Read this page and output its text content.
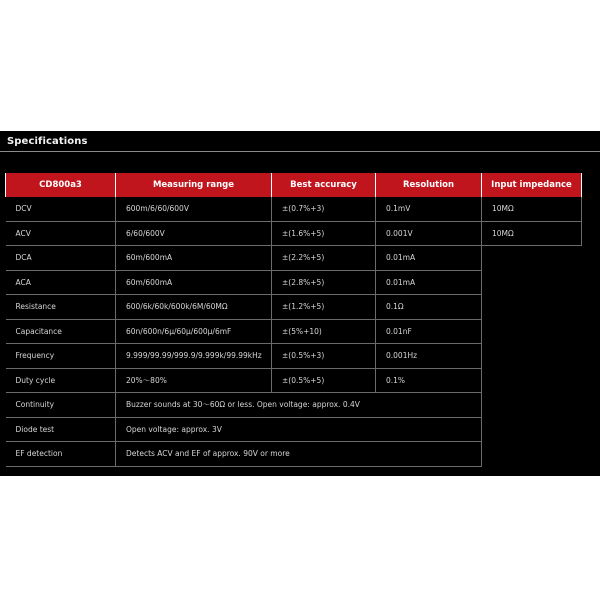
Specifications
CD800a3	Measuring range	Best accuracy	Resolution	Input impedance
DCV	600m/6/60/600V	±(0.7%+3)	0.1mV	10MΩ
ACV	6/60/600V	±(1.6%+5)	0.001V	10MΩ
DCA	60m/600mA	±(2.2%+5)	0.01mA	
ACA	60m/600mA	±(2.8%+5)	0.01mA	
Resistance	600/6k/60k/600k/6M/60MΩ	±(1.2%+5)	0.1Ω	
Capacitance	60n/600n/6μ/60μ/600μ/6mF	±(5%+10)	0.01nF	
Frequency	9.999/99.99/999.9/9.999k/99.99kHz	±(0.5%+3)	0.001Hz	
Duty cycle	20%～80%	±(0.5%+5)	0.1%	
Continuity	Buzzer sounds at 30～60Ω or less. Open voltage: approx. 0.4V			
Diode test	Open voltage: approx. 3V			
EF detection	Detects ACV and EF of approx. 90V or more			
